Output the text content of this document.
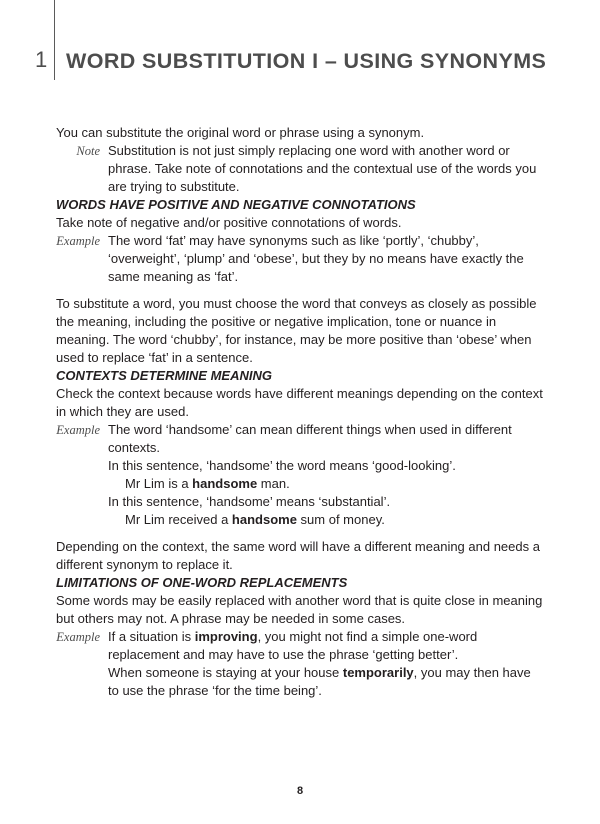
1 WORD SUBSTITUTION I – USING SYNONYMS

You can substitute the original word or phrase using a synonym.

Note Substitution is not just simply replacing one word with another word or phrase. Take note of connotations and the contextual use of the words you are trying to substitute.

WORDS HAVE POSITIVE AND NEGATIVE CONNOTATIONS

Take note of negative and/or positive connotations of words.

Example The word ‘fat’ may have synonyms such as like ‘portly’, ‘chubby’, ‘overweight’, ‘plump’ and ‘obese’, but they by no means have exactly the same meaning as ‘fat’.

To substitute a word, you must choose the word that conveys as closely as possible the meaning, including the positive or negative implication, tone or nuance in meaning. The word ‘chubby’, for instance, may be more positive than ‘obese’ when used to replace ‘fat’ in a sentence.

CONTEXTS DETERMINE MEANING

Check the context because words have different meanings depending on the context in which they are used.

Example The word ‘handsome’ can mean different things when used in different contexts.

In this sentence, ‘handsome’ the word means ‘good-looking’.

Mr Lim is a handsome man.

In this sentence, ‘handsome’ means ‘substantial’.

Mr Lim received a handsome sum of money.

Depending on the context, the same word will have a different meaning and needs a different synonym to replace it.

LIMITATIONS OF ONE-WORD REPLACEMENTS

Some words may be easily replaced with another word that is quite close in meaning but others may not. A phrase may be needed in some cases.

Example If a situation is improving, you might not find a simple one-word replacement and may have to use the phrase ‘getting better’.

When someone is staying at your house temporarily, you may then have to use the phrase ‘for the time being’.

8
